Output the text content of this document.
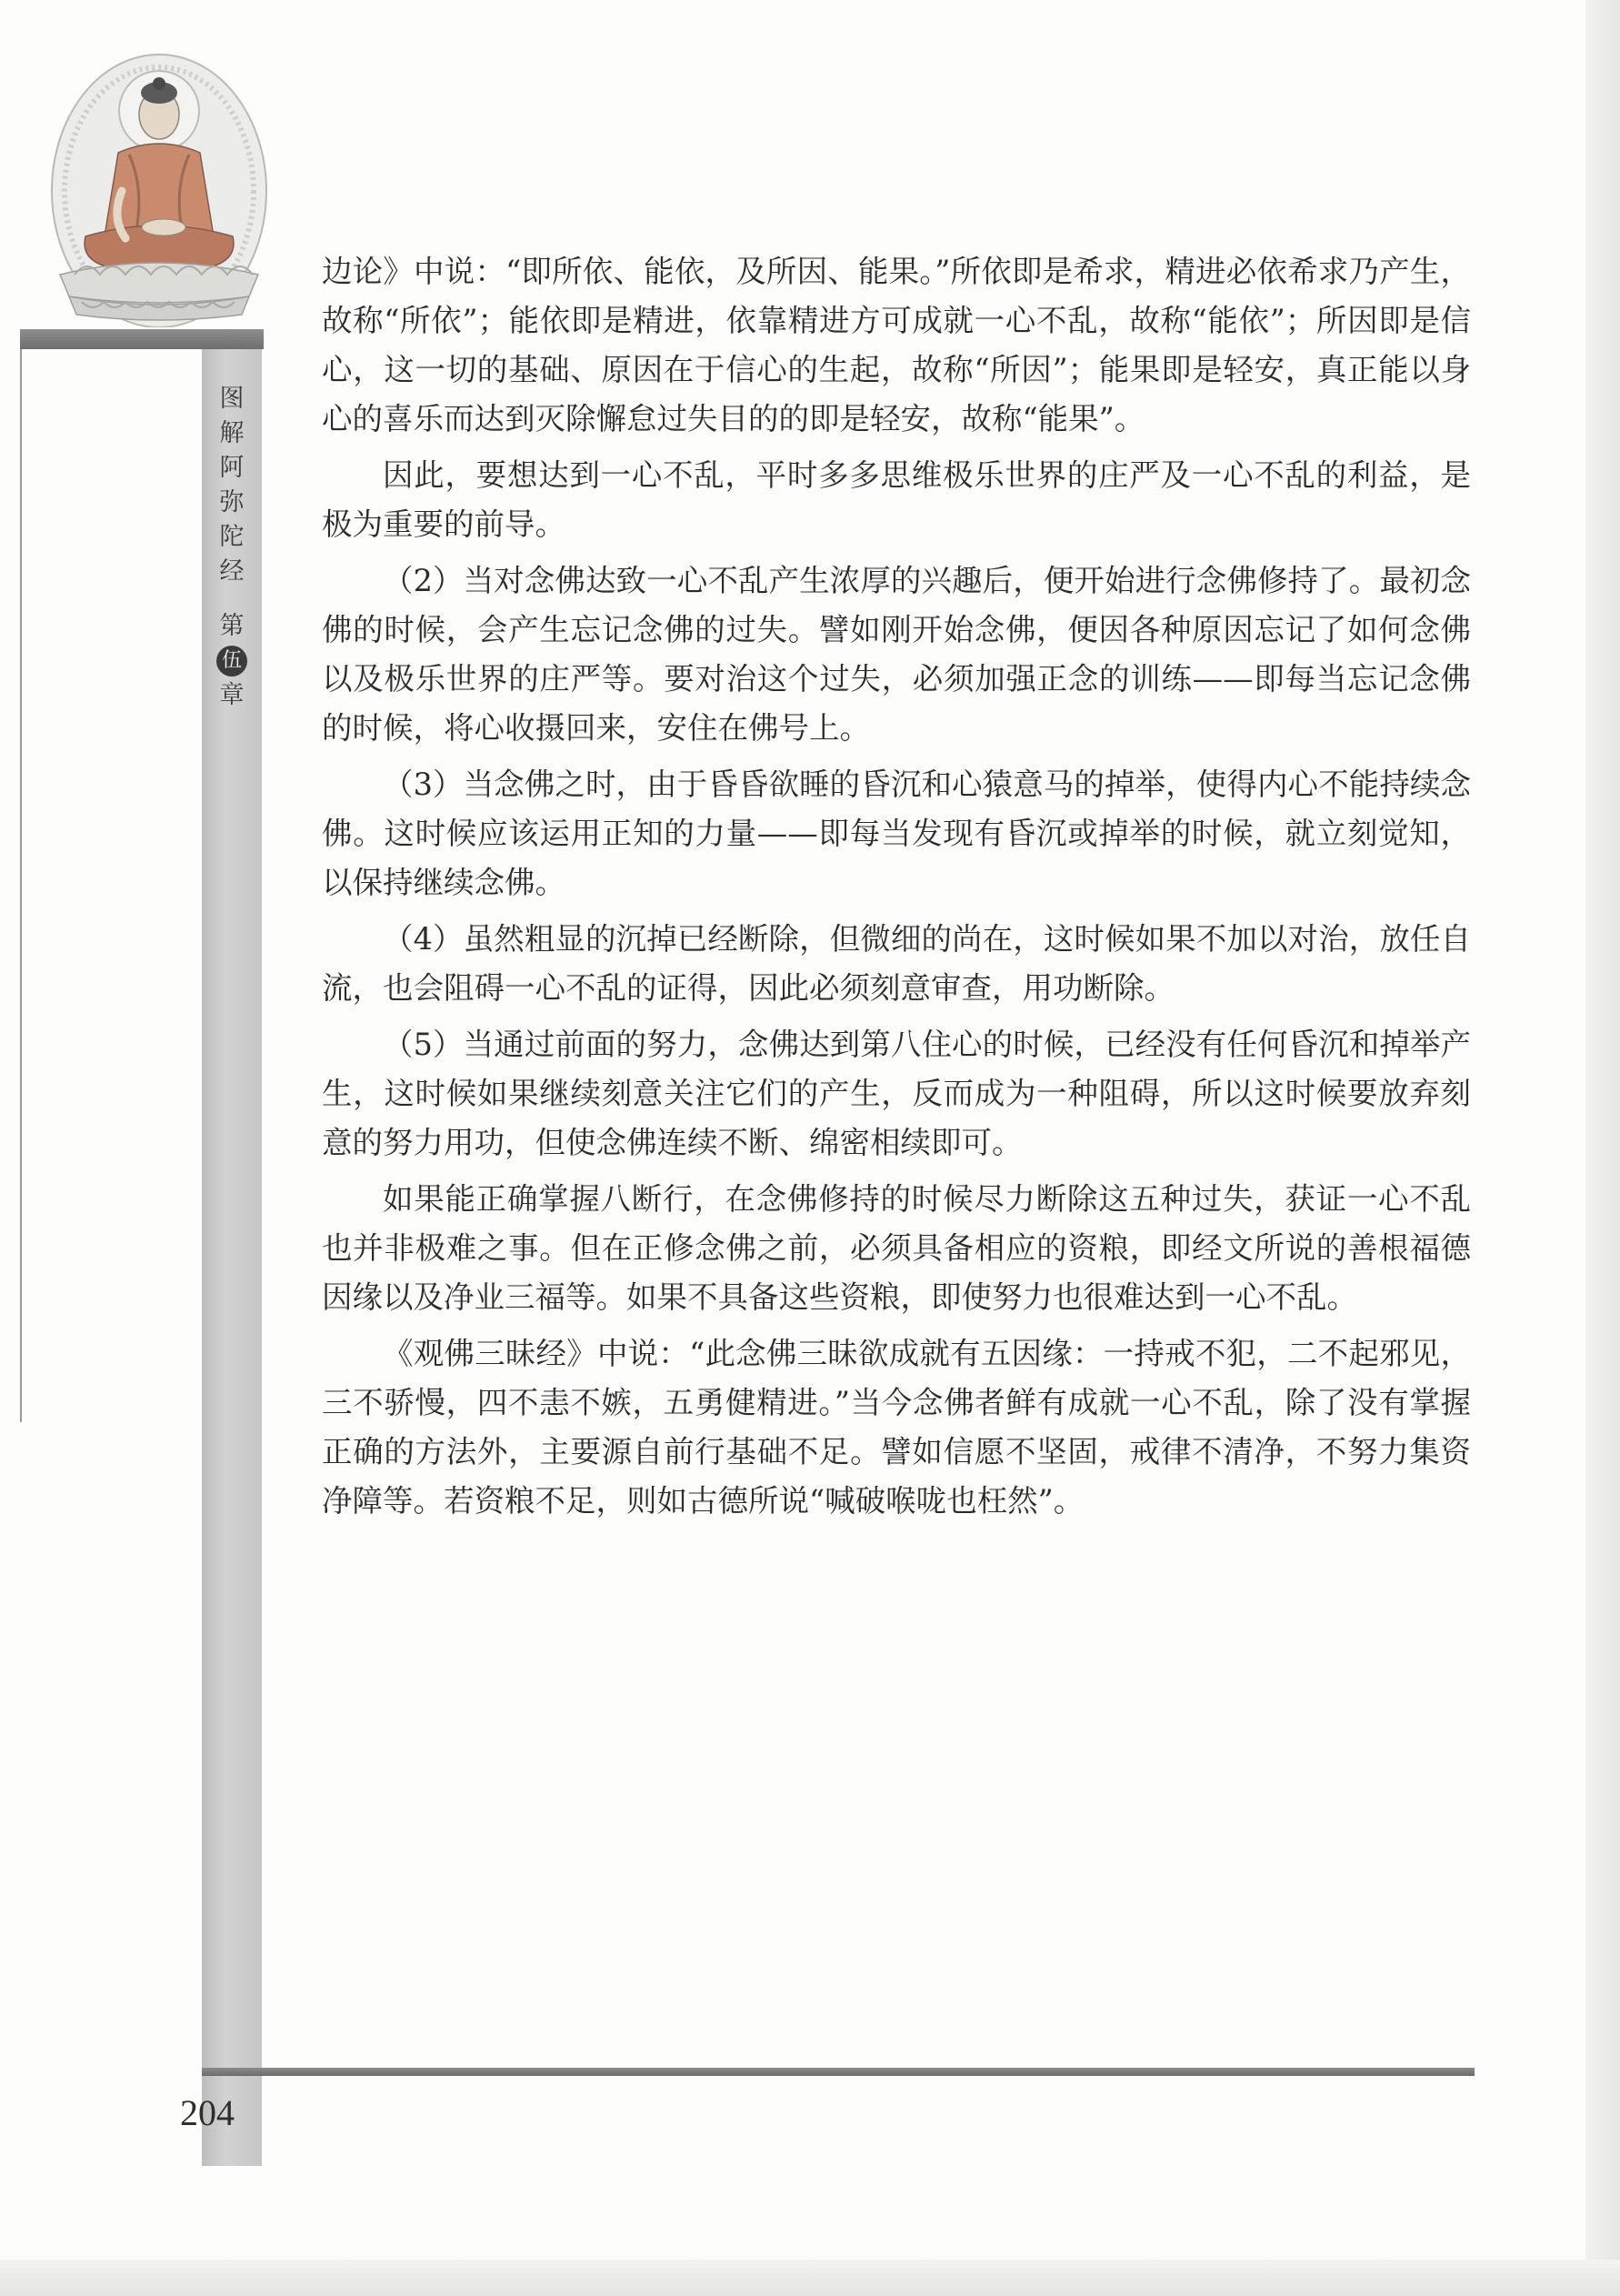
图
解
阿
弥
陀
经
第
伍
章

边论》中说：“即所依、能依，及所因、能果。”所依即是希求，精进必依希求乃产生，故称“所依”；能依即是精进，依靠精进方可成就一心不乱，故称“能依”；所因即是信心，这一切的基础、原因在于信心的生起，故称“所因”；能果即是轻安，真正能以身心的喜乐而达到灭除懈怠过失目的的即是轻安，故称“能果”。

因此，要想达到一心不乱，平时多多思维极乐世界的庄严及一心不乱的利益，是极为重要的前导。

（2）当对念佛达致一心不乱产生浓厚的兴趣后，便开始进行念佛修持了。最初念佛的时候，会产生忘记念佛的过失。譬如刚开始念佛，便因各种原因忘记了如何念佛以及极乐世界的庄严等。要对治这个过失，必须加强正念的训练——即每当忘记念佛的时候，将心收摄回来，安住在佛号上。

（3）当念佛之时，由于昏昏欲睡的昏沉和心猿意马的掉举，使得内心不能持续念佛。这时候应该运用正知的力量——即每当发现有昏沉或掉举的时候，就立刻觉知，以保持继续念佛。

（4）虽然粗显的沉掉已经断除，但微细的尚在，这时候如果不加以对治，放任自流，也会阻碍一心不乱的证得，因此必须刻意审查，用功断除。

（5）当通过前面的努力，念佛达到第八住心的时候，已经没有任何昏沉和掉举产生，这时候如果继续刻意关注它们的产生，反而成为一种阻碍，所以这时候要放弃刻意的努力用功，但使念佛连续不断、绵密相续即可。

如果能正确掌握八断行，在念佛修持的时候尽力断除这五种过失，获证一心不乱也并非极难之事。但在正修念佛之前，必须具备相应的资粮，即经文所说的善根福德因缘以及净业三福等。如果不具备这些资粮，即使努力也很难达到一心不乱。

《观佛三昧经》中说：“此念佛三昧欲成就有五因缘：一持戒不犯，二不起邪见，三不骄慢，四不恚不嫉，五勇健精进。”当今念佛者鲜有成就一心不乱，除了没有掌握正确的方法外，主要源自前行基础不足。譬如信愿不坚固，戒律不清净，不努力集资净障等。若资粮不足，则如古德所说“喊破喉咙也枉然”。

204
